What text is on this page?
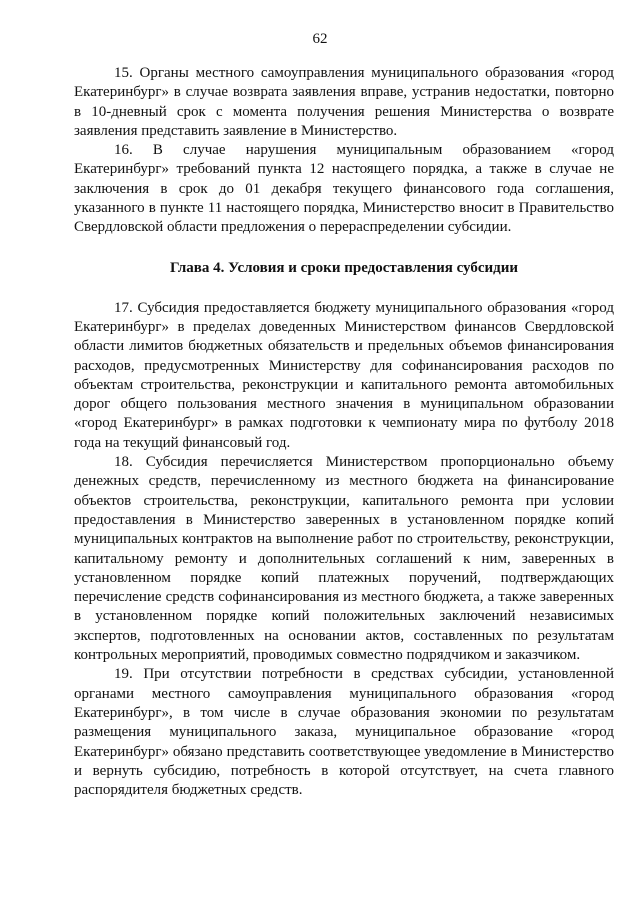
62

15. Органы местного самоуправления муниципального образования «город Екатеринбург» в случае возврата заявления вправе, устранив недостатки, повторно в 10-дневный срок с момента получения решения Министерства о возврате заявления представить заявление в Министерство.

16. В случае нарушения муниципальным образованием «город Екатеринбург» требований пункта 12 настоящего порядка, а также в случае не заключения в срок до 01 декабря текущего финансового года соглашения, указанного в пункте 11 настоящего порядка, Министерство вносит в Правительство Свердловской области предложения о перераспределении субсидии.

Глава 4. Условия и сроки предоставления субсидии

17. Субсидия предоставляется бюджету муниципального образования «город Екатеринбург» в пределах доведенных Министерством финансов Свердловской области лимитов бюджетных обязательств и предельных объемов финансирования расходов, предусмотренных Министерству для софинансирования расходов по объектам строительства, реконструкции и капитального ремонта автомобильных дорог общего пользования местного значения в муниципальном образовании «город Екатеринбург» в рамках подготовки к чемпионату мира по футболу 2018 года на текущий финансовый год.

18. Субсидия перечисляется Министерством пропорционально объему денежных средств, перечисленному из местного бюджета на финансирование объектов строительства, реконструкции, капитального ремонта при условии предоставления в Министерство заверенных в установленном порядке копий муниципальных контрактов на выполнение работ по строительству, реконструкции, капитальному ремонту и дополнительных соглашений к ним, заверенных в установленном порядке копий платежных поручений, подтверждающих перечисление средств софинансирования из местного бюджета, а также заверенных в установленном порядке копий положительных заключений независимых экспертов, подготовленных на основании актов, составленных по результатам контрольных мероприятий, проводимых совместно подрядчиком и заказчиком.

19. При отсутствии потребности в средствах субсидии, установленной органами местного самоуправления муниципального образования «город Екатеринбург», в том числе в случае образования экономии по результатам размещения муниципального заказа, муниципальное образование «город Екатеринбург» обязано представить соответствующее уведомление в Министерство и вернуть субсидию, потребность в которой отсутствует, на счета главного распорядителя бюджетных средств.
